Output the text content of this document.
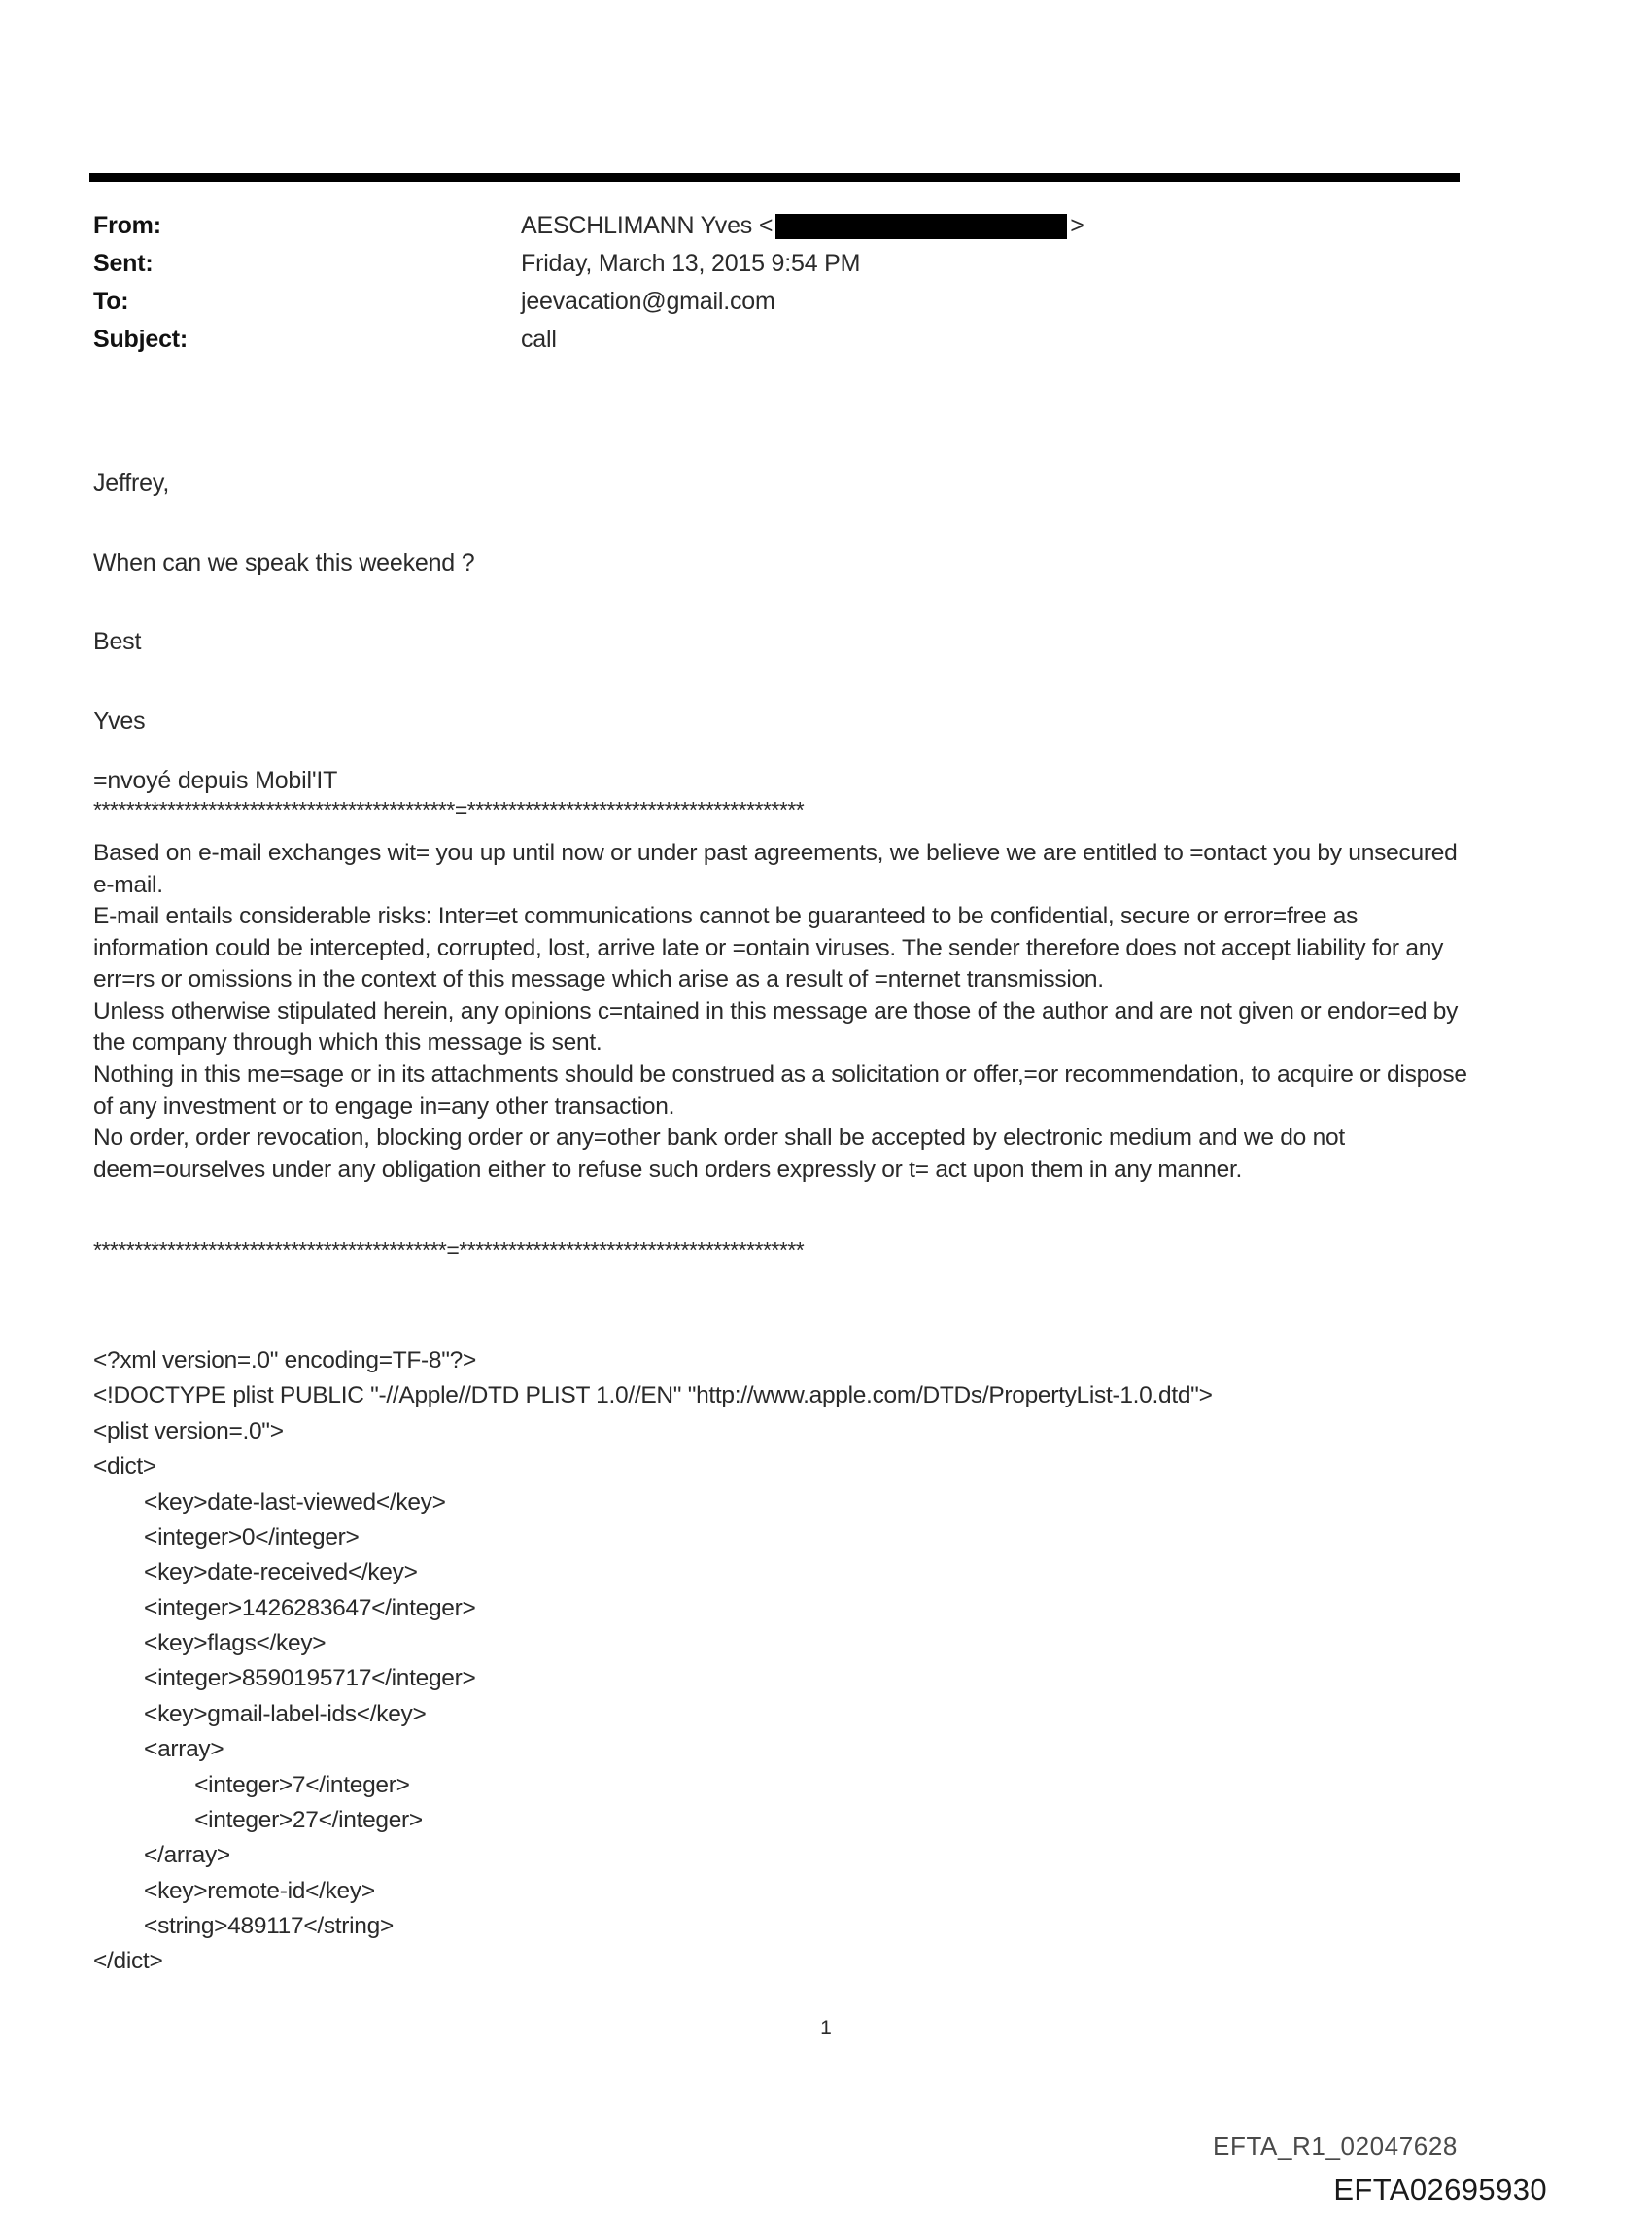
From:	AESCHLIMANN Yves <	>
Sent:	Friday, March 13, 2015 9:54 PM
To:	jeevacation@gmail.com
Subject:	call

Jeffrey,

When can we speak this weekend ?

Best

Yves

=nvoyé depuis Mobil'IT
********************************************=*****************************************

Based on e-mail exchanges wit= you up until now or under past agreements, we believe we are entitled to =ontact you by unsecured e-mail.

E-mail entails considerable risks: Inter=et communications cannot be guaranteed to be confidential, secure or error=free as information could be intercepted, corrupted, lost, arrive late or =ontain viruses. The sender therefore does not accept liability for any err=rs or omissions in the context of this message which arise as a result of =nternet transmission.

Unless otherwise stipulated herein, any opinions c=ntained in this message are those of the author and are not given or endor=ed by the company through which this message is sent.

Nothing in this me=sage or in its attachments should be construed as a solicitation or offer,=or recommendation, to acquire or dispose of any investment or to engage in=any other transaction.

No order, order revocation, blocking order or any=other bank order shall be accepted by electronic medium and we do not deem=ourselves under any obligation either to refuse such orders expressly or t= act upon them in any manner.

*******************************************=******************************************
<?xml version=.0" encoding=TF-8"?>
<!DOCTYPE plist PUBLIC "-//Apple//DTD PLIST 1.0//EN" "http://www.apple.com/DTDs/PropertyList-1.0.dtd">
<plist version=.0">
<dict>
<key>date-last-viewed</key>
<integer>0</integer>
<key>date-received</key>
<integer>1426283647</integer>
<key>flags</key>
<integer>8590195717</integer>
<key>gmail-label-ids</key>
<array>
<integer>7</integer>
<integer>27</integer>
</array>
<key>remote-id</key>
<string>489117</string>
</dict>
1
EFTA_R1_02047628
EFTA02695930
